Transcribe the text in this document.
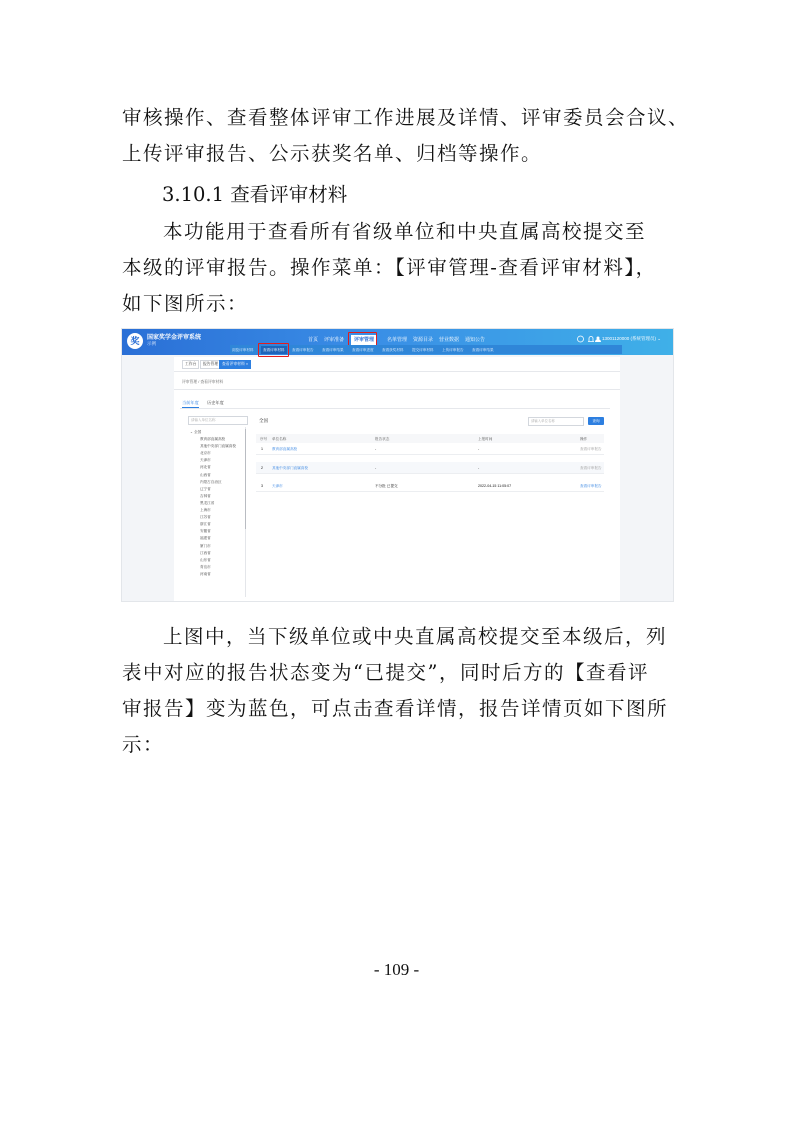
审核操作、查看整体评审工作进展及详情、评审委员会合议、
上传评审报告、公示获奖名单、归档等操作。
3.10.1 查看评审材料
本功能用于查看所有省级单位和中央直属高校提交至
本级的评审报告。操作菜单：【评审管理-查看评审材料】，
如下图所示：
奖	国家奖学金评审系统
示例
首页 评审准备	评审管理	名单管理 资源目录 营业数据 通知公告	13001120000 (系统管理员) ⌄
浏览评审材料	查看评审材料	查看评审报告 查看评审结果 查看评审进度 查看获奖材料 提交评审材料 上传评审报告 查看评审结果
工作台	报告管理	查看评审材料 ×
评审管理 / 查看评审材料
当前年度 历史年度
请输入单位名称
⌄ 全国
教育部直属高校
其他中央部门直属高校
北京市
天津市
河北省
山西省
内蒙古自治区
辽宁省
吉林省
黑龙江省
上海市
江苏省
浙江省
安徽省
福建省
厦门市
江西省
山东省
青岛市
河南省
全国	请输入单位名称	查询
序号 单位名称	报告状态	上报时间	操作
1	教育部直属高校	-	-	查看评审报告
2	其他中央部门直属高校	-	-	查看评审报告
3	天津市	不分批 已提交	2022-04-15 11:05:07	查看评审报告
上图中，当下级单位或中央直属高校提交至本级后，列
表中对应的报告状态变为“已提交”，同时后方的【查看评
审报告】变为蓝色，可点击查看详情，报告详情页如下图所
示：
- 109 -
